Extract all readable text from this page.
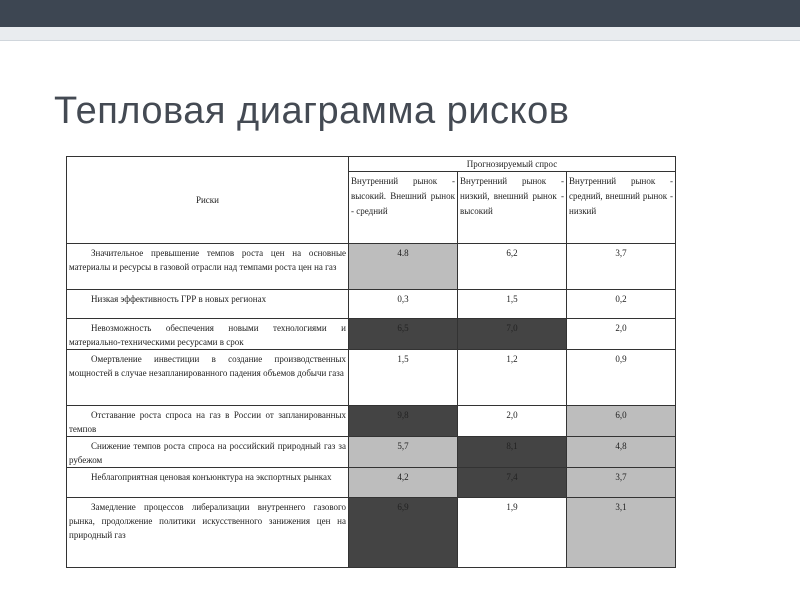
Тепловая диаграмма рисков
Риски	Прогнозируемый спрос		
	Внутренний рынок - высокий. Внешний рынок - средний	Внутренний рынок - низкий, внешний рынок - высокий	Внутренний рынок - средний, внешний рынок - низкий
Значительное превышение темпов роста цен на основные материалы и ресурсы в газовой отрасли над темпами роста цен на газ	4.8	6,2	3,7
Низкая эффективность ГРР в новых регионах	0,3	1,5	0,2
Невозможность обеспечения новыми технологиями и материально-техническими ресурсами в срок	6,5	7,0	2,0
Омертвление инвестиции в создание производственных мощностей в случае незапланированного падения объемов добычи газа	1,5	1,2	0,9
Отставание роста спроса на газ в России от запланированных темпов	9,8	2,0	6,0
Снижение темпов роста спроса на российский природный газ за рубежом	5,7	8,1	4,8
Неблагоприятная ценовая конъюнктура на экспортных рынках	4,2	7,4	3,7
Замедление процессов либерализации внутреннего газового рынка, продолжение политики искусственного занижения цен на природный газ	6,9	1,9	3,1
